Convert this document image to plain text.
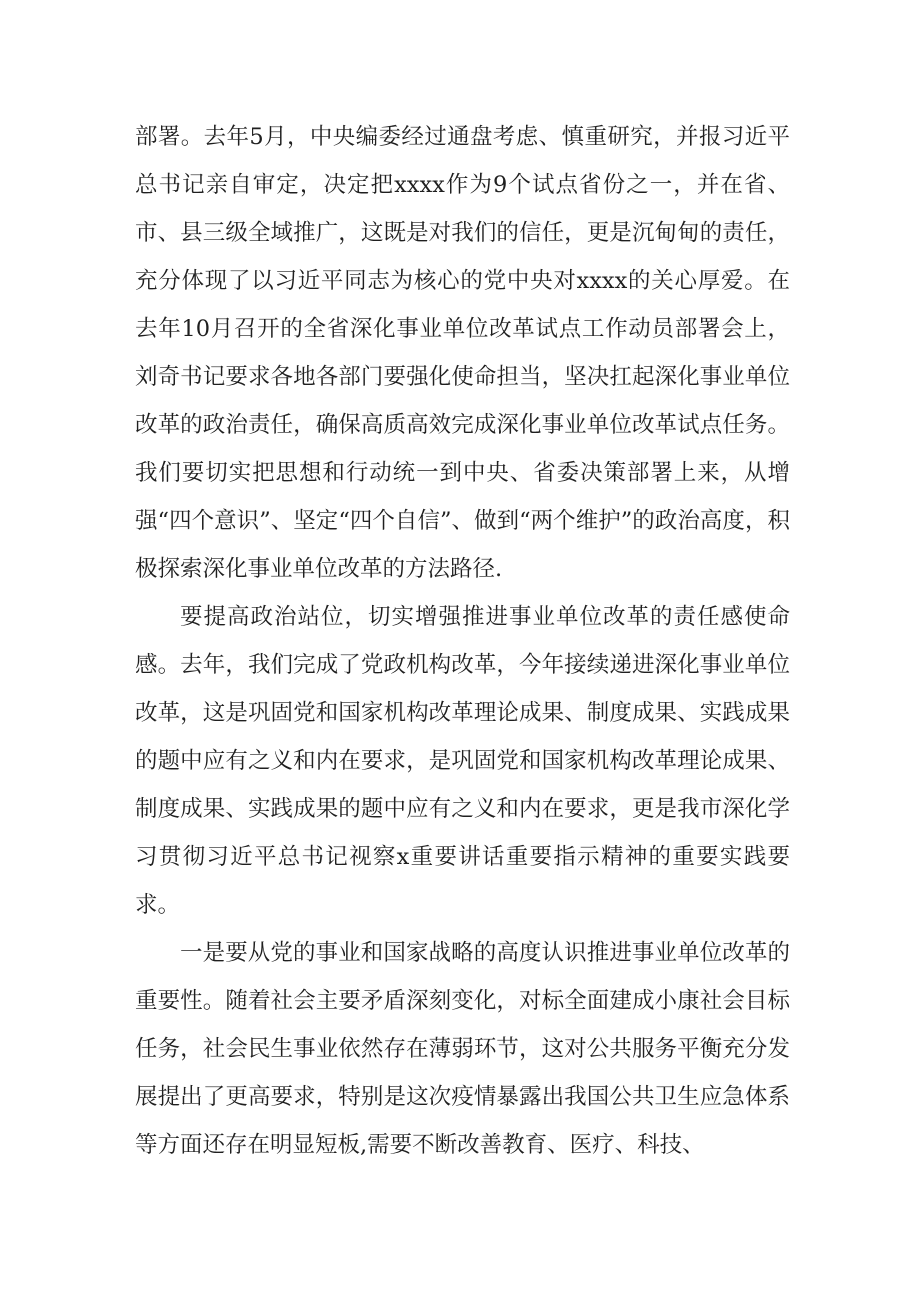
部署。去年5月，中央编委经过通盘考虑、慎重研究，并报习近平总书记亲自审定，决定把xxxx作为9个试点省份之一，并在省、市、县三级全域推广，这既是对我们的信任，更是沉甸甸的责任，充分体现了以习近平同志为核心的党中央对xxxx的关心厚爱。在去年10月召开的全省深化事业单位改革试点工作动员部署会上，刘奇书记要求各地各部门要强化使命担当，坚决扛起深化事业单位改革的政治责任，确保高质高效完成深化事业单位改革试点任务。我们要切实把思想和行动统一到中央、省委决策部署上来，从增强“四个意识”、坚定“四个自信”、做到“两个维护”的政治高度，积极探索深化事业单位改革的方法路径.

要提高政治站位，切实增强推进事业单位改革的责任感使命感。去年，我们完成了党政机构改革，今年接续递进深化事业单位改革，这是巩固党和国家机构改革理论成果、制度成果、实践成果的题中应有之义和内在要求，是巩固党和国家机构改革理论成果、制度成果、实践成果的题中应有之义和内在要求，更是我市深化学习贯彻习近平总书记视察x重要讲话重要指示精神的重要实践要求。

一是要从党的事业和国家战略的高度认识推进事业单位改革的重要性。随着社会主要矛盾深刻变化，对标全面建成小康社会目标任务，社会民生事业依然存在薄弱环节，这对公共服务平衡充分发展提出了更高要求，特别是这次疫情暴露出我国公共卫生应急体系等方面还存在明显短板,需要不断改善教育、医疗、科技、
